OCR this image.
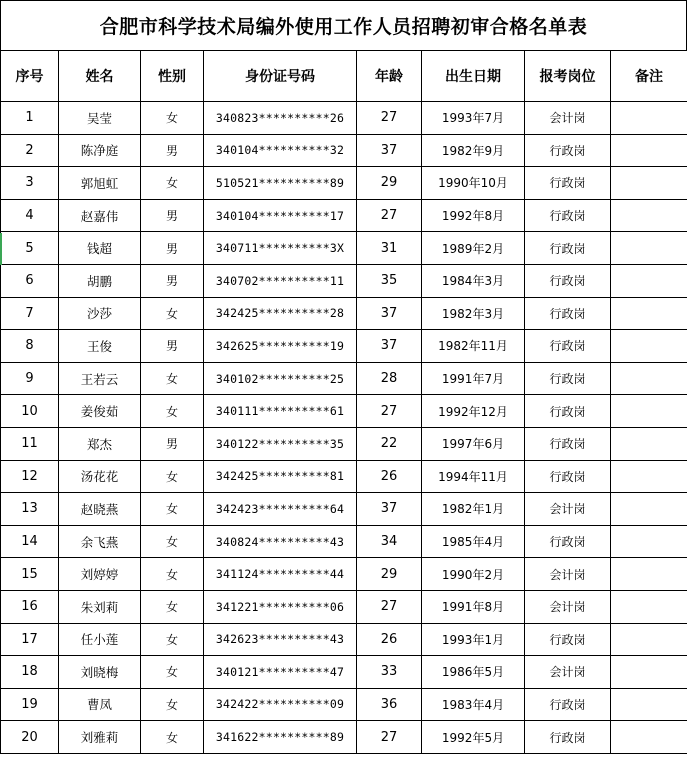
合肥市科学技术局编外使用工作人员招聘初审合格名单表
序号	姓名	性别	身份证号码	年龄	出生日期	报考岗位	备注
1	吴莹	女	340823**********26	27	1993年7月	会计岗	
2	陈净庭	男	340104**********32	37	1982年9月	行政岗	
3	郭旭虹	女	510521**********89	29	1990年10月	行政岗	
4	赵嘉伟	男	340104**********17	27	1992年8月	行政岗	
5	钱超	男	340711**********3X	31	1989年2月	行政岗	
6	胡鹏	男	340702**********11	35	1984年3月	行政岗	
7	沙莎	女	342425**********28	37	1982年3月	行政岗	
8	王俊	男	342625**********19	37	1982年11月	行政岗	
9	王若云	女	340102**********25	28	1991年7月	行政岗	
10	姜俊茹	女	340111**********61	27	1992年12月	行政岗	
11	郑杰	男	340122**********35	22	1997年6月	行政岗	
12	汤花花	女	342425**********81	26	1994年11月	行政岗	
13	赵晓燕	女	342423**********64	37	1982年1月	会计岗	
14	余飞燕	女	340824**********43	34	1985年4月	行政岗	
15	刘婷婷	女	341124**********44	29	1990年2月	会计岗	
16	朱刘莉	女	341221**********06	27	1991年8月	会计岗	
17	任小莲	女	342623**********43	26	1993年1月	行政岗	
18	刘晓梅	女	340121**********47	33	1986年5月	会计岗	
19	曹凤	女	342422**********09	36	1983年4月	行政岗	
20	刘雅莉	女	341622**********89	27	1992年5月	行政岗	
